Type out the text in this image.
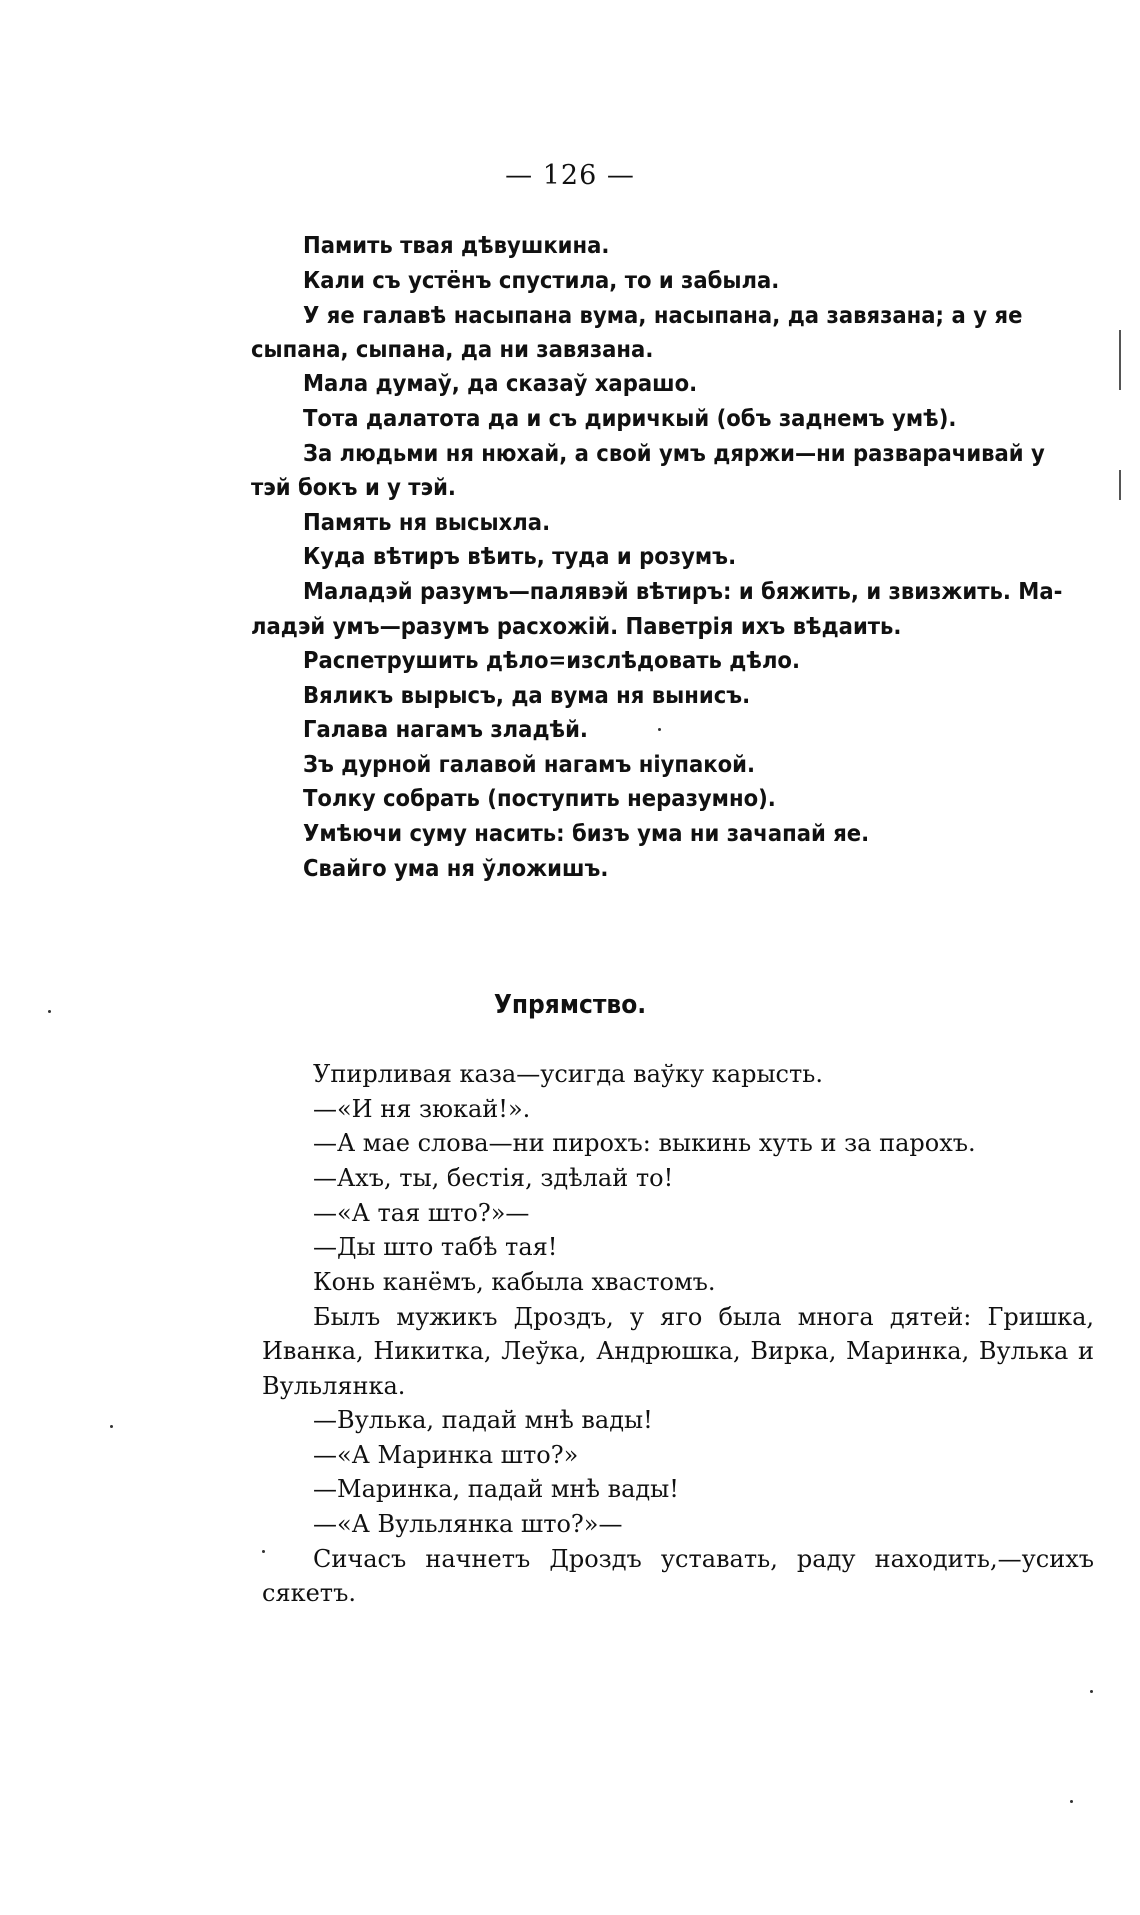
— 126 —
Памить твая дѣвушкина.
Кали съ устёнъ спустила, то и забыла.
У яе галавѣ насыпана вума, насыпана, да завязана; а у яе
сыпана, сыпана, да ни завязана.
Мала думаў, да сказаў харашо.
Тота далатота да и съ диричкый (объ заднемъ умѣ).
За людьми ня нюхай, а свой умъ дяржи—ни разварачивай у
тэй бокъ и у тэй.
Память ня высыхла.
Куда вѣтиръ вѣить, туда и розумъ.
Маладэй разумъ—палявэй вѣтиръ: и бяжить, и звизжить. Ма-
ладэй умъ—разумъ расхожій. Паветрія ихъ вѣдаить.
Распетрушить дѣло=изслѣдовать дѣло.
Вяликъ вырысъ, да вума ня вынисъ.
Галава нагамъ зладѣй.
Зъ дурной галавой нагамъ ніупакой.
Толку собрать (поступить неразумно).
Умѣючи суму насить: бизъ ума ни зачапай яе.
Свайго ума ня ўложишъ.
Упрямство.
Упирливая каза—усигда ваўку карысть.
—«И ня зюкай!».
—А мае слова—ни пирохъ: выкинь хуть и за парохъ.
—Ахъ, ты, бестія, здѣлай то!
—«А тая што?»—
—Ды што табѣ тая!
Конь канёмъ, кабыла хвастомъ.
Былъ мужикъ Дроздъ, у яго была многа дятей: Гришка,
Иванка, Никитка, Леўка, Андрюшка, Вирка, Маринка, Вулька и
Вульлянка.
—Вулька, падай мнѣ вады!
—«А Маринка што?»
—Маринка, падай мнѣ вады!
—«А Вульлянка што?»—
Сичасъ начнетъ Дроздъ уставать, раду находить,—усихъ
сякетъ.
